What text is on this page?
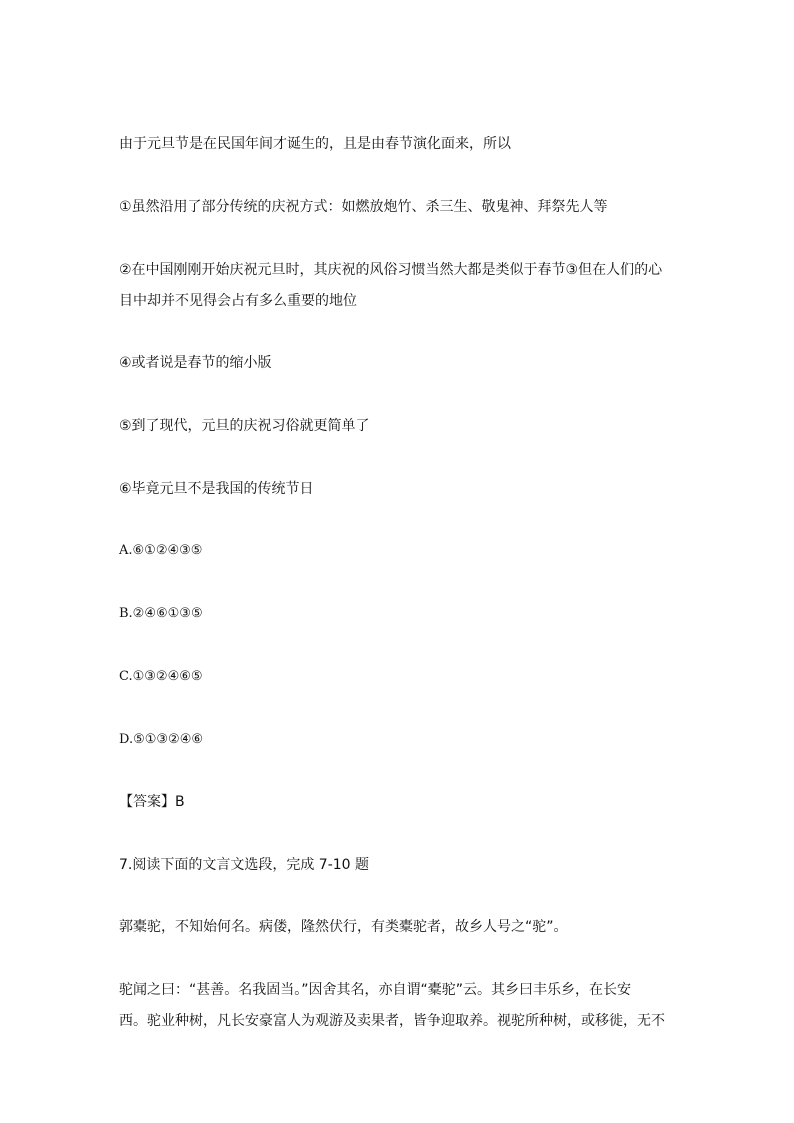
由于元旦节是在民国年间才诞生的，且是由春节演化面来，所以
①虽然沿用了部分传统的庆祝方式：如燃放炮竹、杀三生、敬鬼神、拜祭先人等
②在中国刚刚开始庆祝元旦时，其庆祝的风俗习惯当然大都是类似于春节③但在人们的心
目中却并不见得会占有多么重要的地位
④或者说是春节的缩小版
⑤到了现代，元旦的庆祝习俗就更简单了
⑥毕竟元旦不是我国的传统节日
A.⑥①②④③⑤
B.②④⑥①③⑤
C.①③②④⑥⑤
D.⑤①③②④⑥
【答案】B
7.阅读下面的文言文选段，完成 7-10 题
郭橐驼，不知始何名。病偻，隆然伏行，有类橐驼者，故乡人号之“驼”。
驼闻之曰：“甚善。名我固当。”因舍其名，亦自谓“橐驼”云。其乡曰丰乐乡，在长安
西。驼业种树，凡长安豪富人为观游及卖果者，皆争迎取养。视驼所种树，或移徙，无不
